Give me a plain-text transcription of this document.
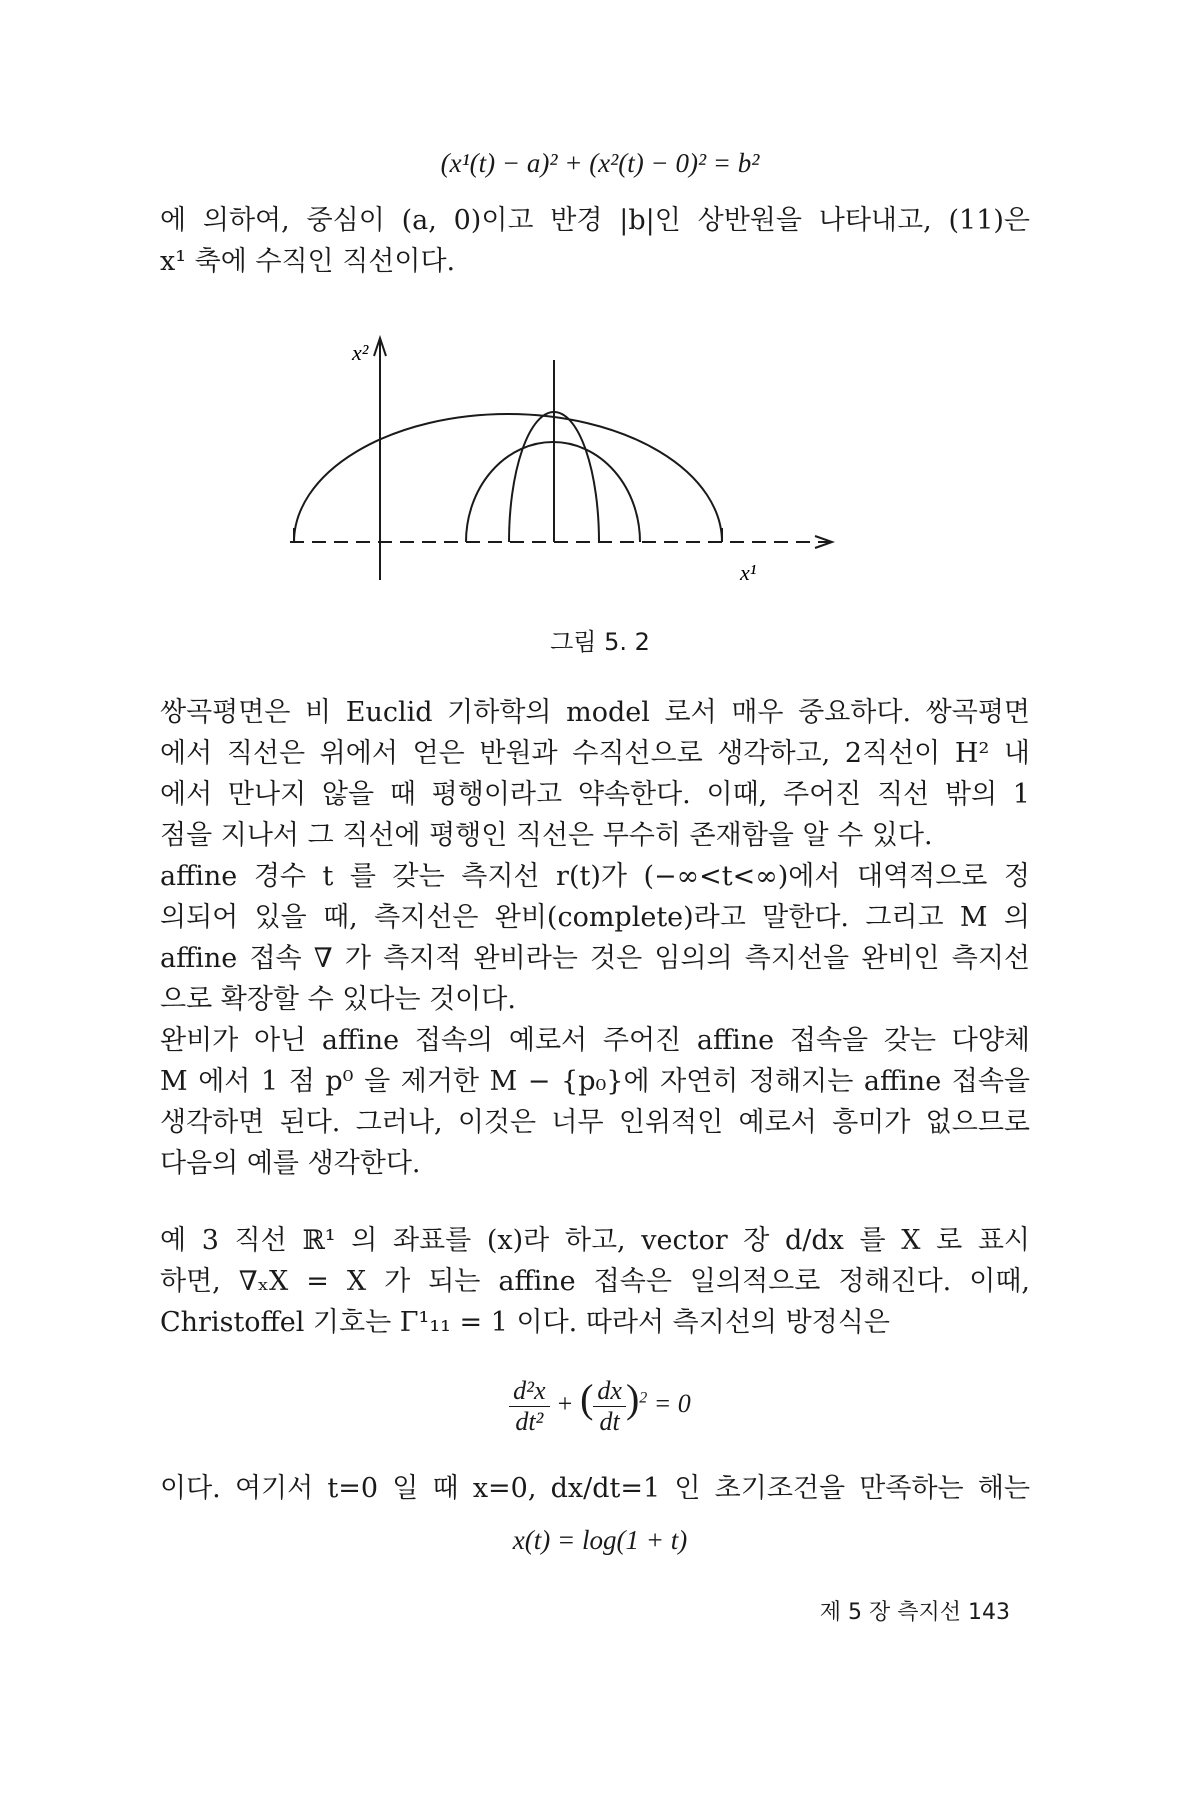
(x¹(t) − a)² + (x²(t) − 0)² = b²

에 의하여, 중심이 (a, 0)이고 반경 |b|인 상반원을 나타내고, (11)은
x¹ 축에 수직인 직선이다.

x²
x¹
그림 5. 2

쌍곡평면은 비 Euclid 기하학의 model 로서 매우 중요하다. 쌍곡평면
에서 직선은 위에서 얻은 반원과 수직선으로 생각하고, 2직선이 H² 내
에서 만나지 않을 때 평행이라고 약속한다. 이때, 주어진 직선 밖의 1
점을 지나서 그 직선에 평행인 직선은 무수히 존재함을 알 수 있다.

affine 경수 t 를 갖는 측지선 r(t)가 (−∞<t<∞)에서 대역적으로 정
의되어 있을 때, 측지선은 완비(complete)라고 말한다. 그리고 M 의
affine 접속 ∇ 가 측지적 완비라는 것은 임의의 측지선을 완비인 측지선
으로 확장할 수 있다는 것이다.

완비가 아닌 affine 접속의 예로서 주어진 affine 접속을 갖는 다양체
M 에서 1 점 p⁰ 을 제거한 M − {p₀}에 자연히 정해지는 affine 접속을
생각하면 된다. 그러나, 이것은 너무 인위적인 예로서 흥미가 없으므로
다음의 예를 생각한다.

예 3 직선 ℝ¹ 의 좌표를 (x)라 하고, vector 장 d/dx 를 X 로 표시
하면, ∇ₓX = X 가 되는 affine 접속은 일의적으로 정해진다. 이때,
Christoffel 기호는 Γ¹₁₁ = 1 이다. 따라서 측지선의 방정식은

$\frac{\text{d²x}}{\text{dt²}}$ + ( $\frac{dx}{dt} )^2 = 0$

이다. 여기서 t=0 일 때 x=0, dx/dt=1 인 초기조건을 만족하는 해는

x(t) = log(1 + t)
제 5 장 측지선 143
